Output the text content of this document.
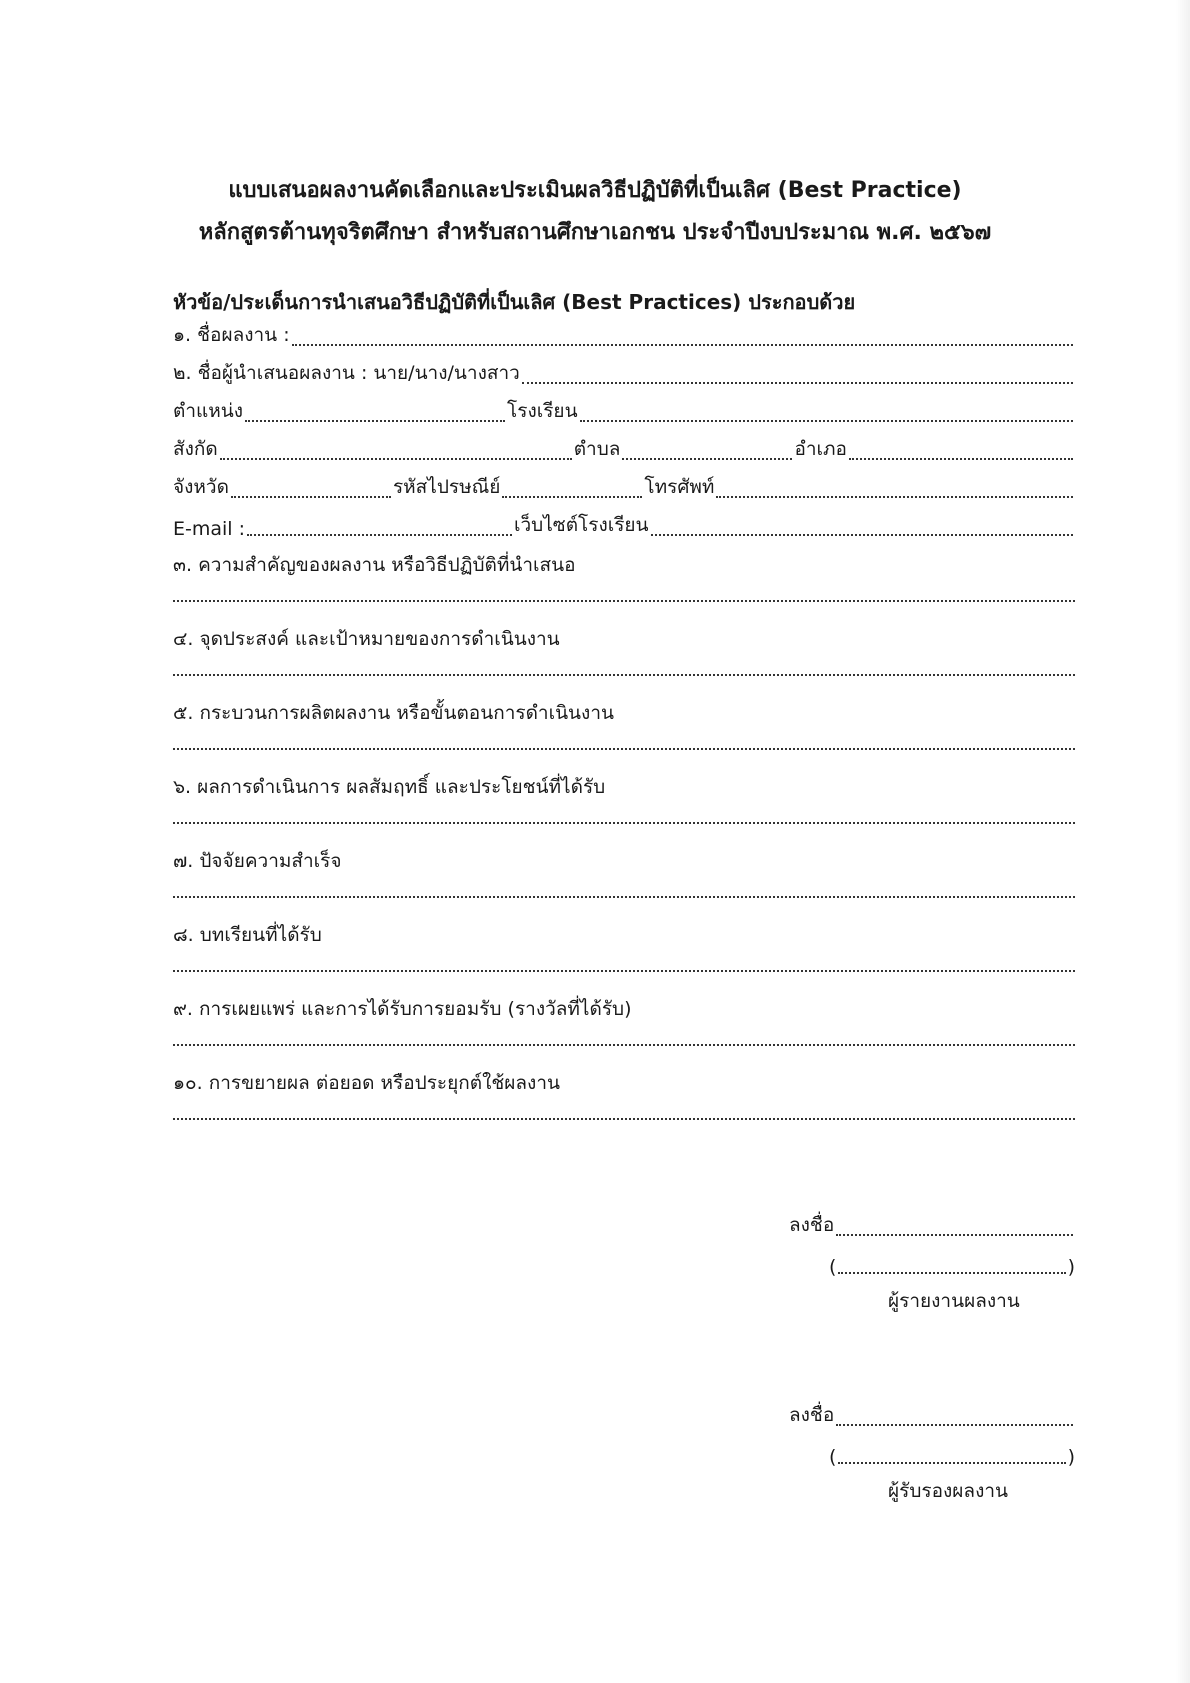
แบบเสนอผลงานคัดเลือกและประเมินผลวิธีปฏิบัติที่เป็นเลิศ (Best Practice)
หลักสูตรต้านทุจริตศึกษา สำหรับสถานศึกษาเอกชน ประจำปีงบประมาณ พ.ศ. ๒๕๖๗
หัวข้อ/ประเด็นการนำเสนอวิธีปฏิบัติที่เป็นเลิศ (Best Practices) ประกอบด้วย
๑. ชื่อผลงาน :
๒. ชื่อผู้นำเสนอผลงาน : นาย/นาง/นางสาว
ตำแหน่ง	โรงเรียน
สังกัด	ตำบล	อำเภอ
จังหวัด	รหัสไปรษณีย์	โทรศัพท์
E-mail :	เว็บไซต์โรงเรียน
๓. ความสำคัญของผลงาน หรือวิธีปฏิบัติที่นำเสนอ
๔. จุดประสงค์ และเป้าหมายของการดำเนินงาน
๕. กระบวนการผลิตผลงาน หรือขั้นตอนการดำเนินงาน
๖. ผลการดำเนินการ ผลสัมฤทธิ์ และประโยชน์ที่ได้รับ
๗. ปัจจัยความสำเร็จ
๘. บทเรียนที่ได้รับ
๙. การเผยแพร่ และการได้รับการยอมรับ (รางวัลที่ได้รับ)
๑๐. การขยายผล ต่อยอด หรือประยุกต์ใช้ผลงาน
ลงชื่อ
(	)
ผู้รายงานผลงาน
ลงชื่อ
(	)
ผู้รับรองผลงาน
